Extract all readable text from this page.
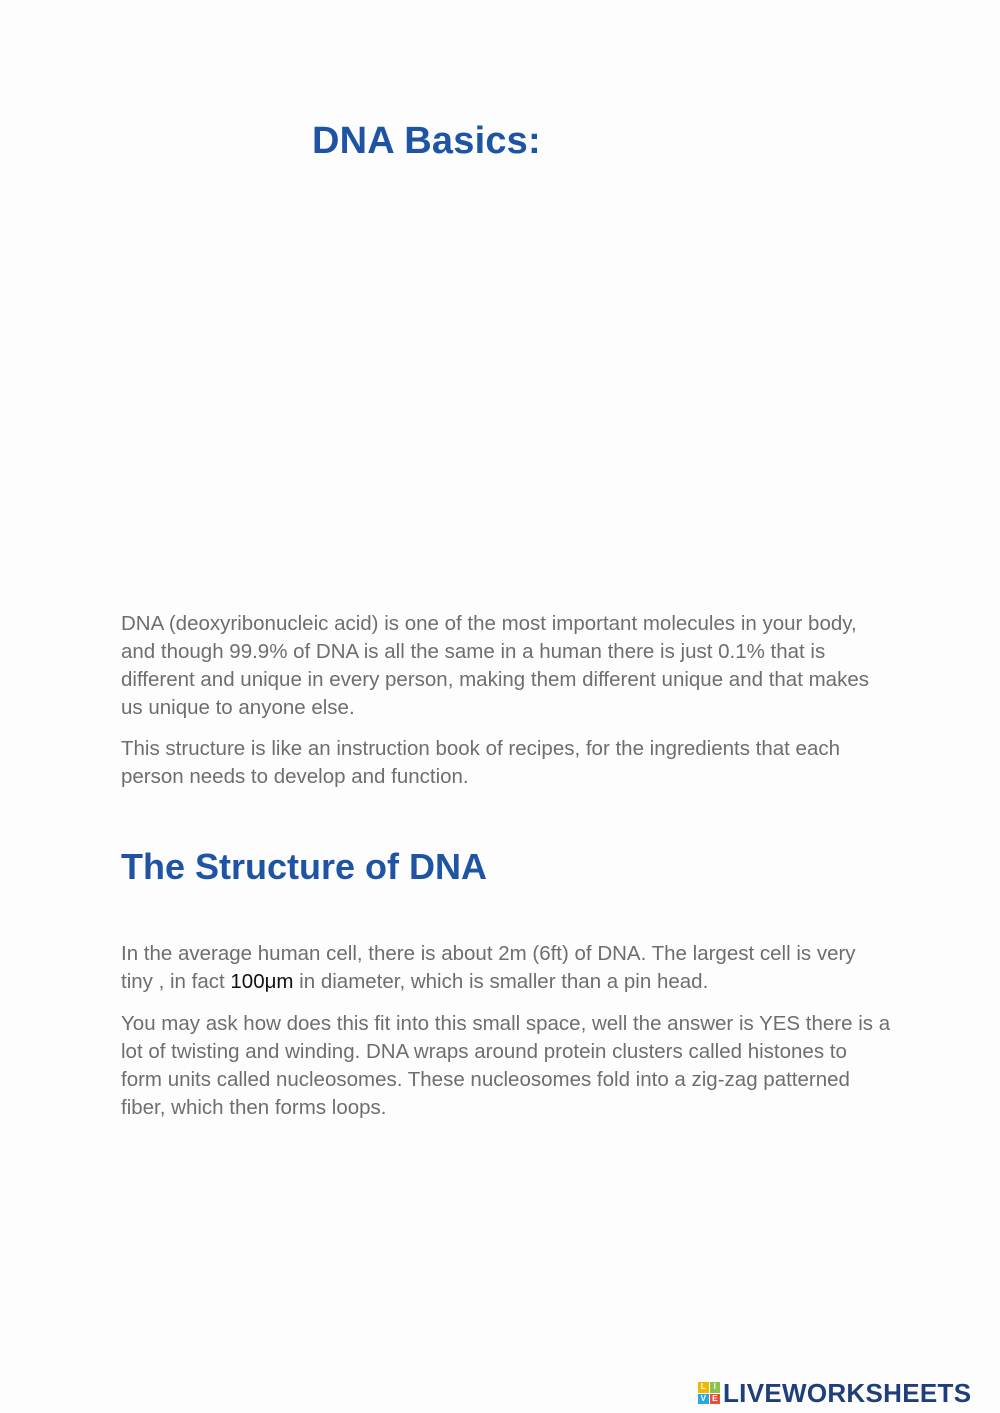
DNA Basics:

DNA (deoxyribonucleic acid) is one of the most important molecules in your body, and though 99.9% of DNA is all the same in a human there is just 0.1% that is different and unique in every person, making them different unique and that makes us unique to anyone else.

This structure is like an instruction book of recipes, for the ingredients that each person needs to develop and function.

The Structure of DNA

In the average human cell, there is about 2m (6ft) of DNA. The largest cell is very tiny , in fact 100μm in diameter, which is smaller than a pin head.

You may ask how does this fit into this small space, well the answer is YES there is a lot of twisting and winding. DNA wraps around protein clusters called histones to form units called nucleosomes. These nucleosomes fold into a zig-zag patterned fiber, which then forms loops.

L I
V E LIVEWORKSHEETS
